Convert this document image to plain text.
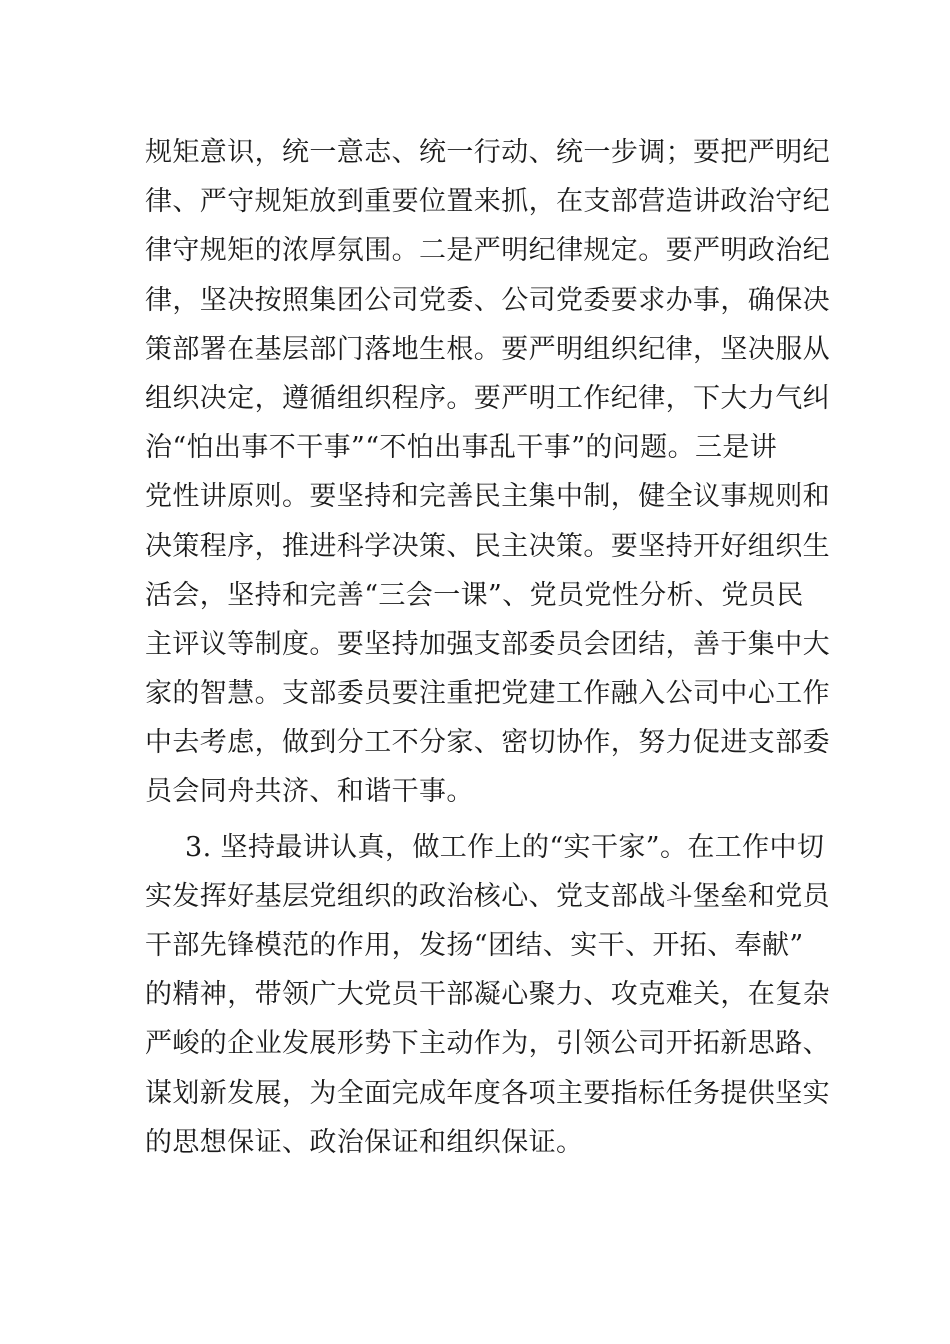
规矩意识，统一意志、统一行动、统一步调；要把严明纪
律、严守规矩放到重要位置来抓，在支部营造讲政治守纪
律守规矩的浓厚氛围。二是严明纪律规定。要严明政治纪
律，坚决按照集团公司党委、公司党委要求办事，确保决
策部署在基层部门落地生根。要严明组织纪律，坚决服从
组织决定，遵循组织程序。要严明工作纪律，下大力气纠
治“怕出事不干事”“不怕出事乱干事”的问题。三是讲
党性讲原则。要坚持和完善民主集中制，健全议事规则和
决策程序，推进科学决策、民主决策。要坚持开好组织生
活会，坚持和完善“三会一课”、党员党性分析、党员民
主评议等制度。要坚持加强支部委员会团结，善于集中大
家的智慧。支部委员要注重把党建工作融入公司中心工作
中去考虑，做到分工不分家、密切协作，努力促进支部委
员会同舟共济、和谐干事。
3. 坚持最讲认真，做工作上的“实干家”。在工作中切
实发挥好基层党组织的政治核心、党支部战斗堡垒和党员
干部先锋模范的作用，发扬“团结、实干、开拓、奉献”
的精神，带领广大党员干部凝心聚力、攻克难关，在复杂
严峻的企业发展形势下主动作为，引领公司开拓新思路、
谋划新发展，为全面完成年度各项主要指标任务提供坚实
的思想保证、政治保证和组织保证。
